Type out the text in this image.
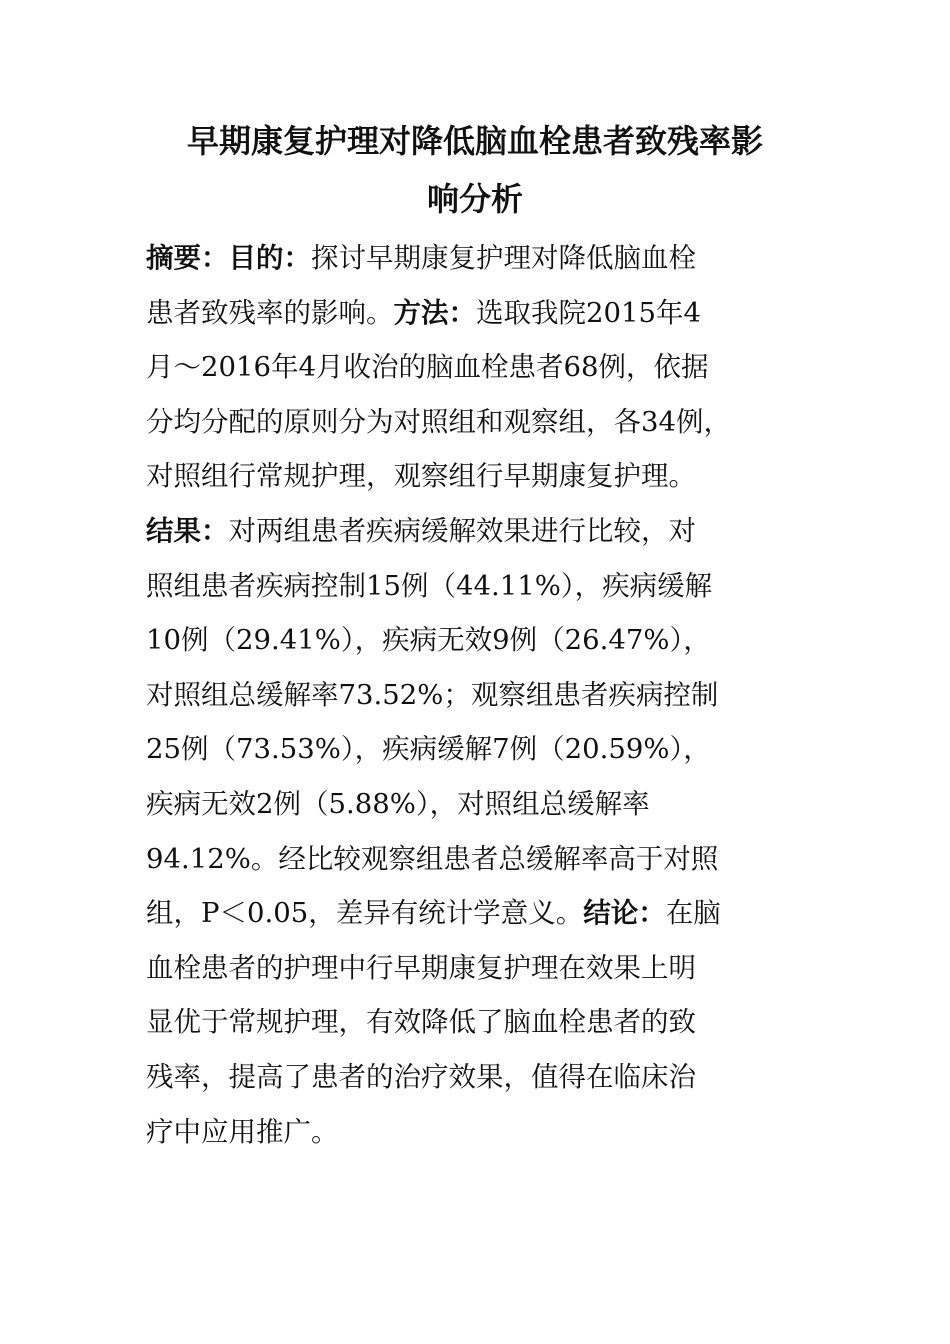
早期康复护理对降低脑血栓患者致残率影
响分析
摘要：目的：探讨早期康复护理对降低脑血栓
患者致残率的影响。方法：选取我院2015年4
月～2016年4月收治的脑血栓患者68例，依据
分均分配的原则分为对照组和观察组，各34例，
对照组行常规护理，观察组行早期康复护理。
结果：对两组患者疾病缓解效果进行比较，对
照组患者疾病控制15例（44.11%），疾病缓解
10例（29.41%），疾病无效9例（26.47%），
对照组总缓解率73.52%；观察组患者疾病控制
25例（73.53%），疾病缓解7例（20.59%），
疾病无效2例（5.88%），对照组总缓解率
94.12%。经比较观察组患者总缓解率高于对照
组，P＜0.05，差异有统计学意义。结论：在脑
血栓患者的护理中行早期康复护理在效果上明
显优于常规护理，有效降低了脑血栓患者的致
残率，提高了患者的治疗效果，值得在临床治
疗中应用推广。
